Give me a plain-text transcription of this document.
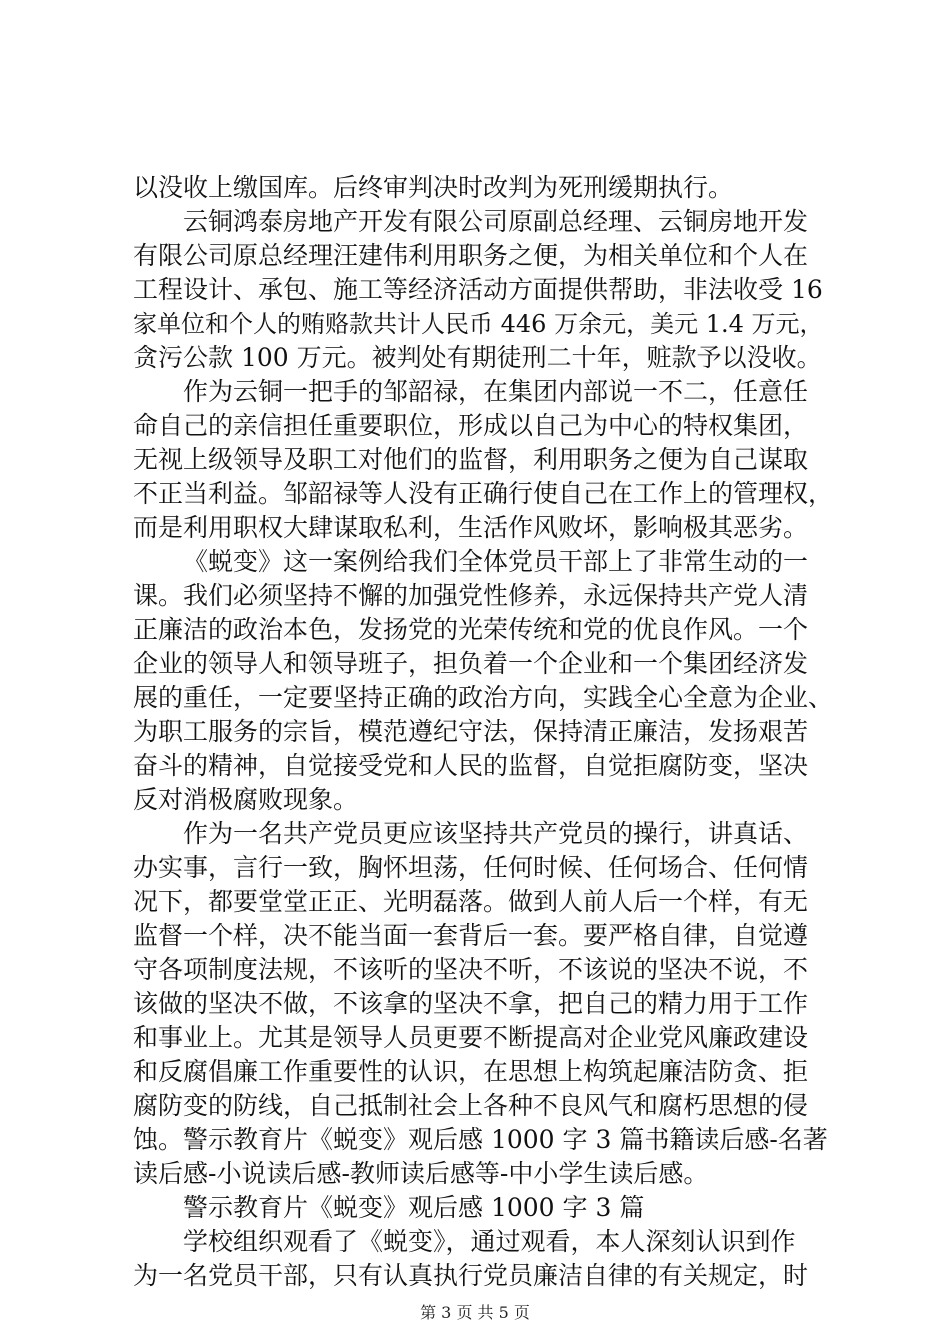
以没收上缴国库。后终审判决时改判为死刑缓期执行。
云铜鸿泰房地产开发有限公司原副总经理、云铜房地开发
有限公司原总经理汪建伟利用职务之便，为相关单位和个人在
工程设计、承包、施工等经济活动方面提供帮助，非法收受 16
家单位和个人的贿赂款共计人民币 446 万余元，美元 1.4 万元，
贪污公款 100 万元。被判处有期徒刑二十年，赃款予以没收。
作为云铜一把手的邹韶禄，在集团内部说一不二，任意任
命自己的亲信担任重要职位，形成以自己为中心的特权集团，
无视上级领导及职工对他们的监督，利用职务之便为自己谋取
不正当利益。邹韶禄等人没有正确行使自己在工作上的管理权，
而是利用职权大肆谋取私利，生活作风败坏，影响极其恶劣。
《蜕变》这一案例给我们全体党员干部上了非常生动的一
课。我们必须坚持不懈的加强党性修养，永远保持共产党人清
正廉洁的政治本色，发扬党的光荣传统和党的优良作风。一个
企业的领导人和领导班子，担负着一个企业和一个集团经济发
展的重任，一定要坚持正确的政治方向，实践全心全意为企业、
为职工服务的宗旨，模范遵纪守法，保持清正廉洁，发扬艰苦
奋斗的精神，自觉接受党和人民的监督，自觉拒腐防变，坚决
反对消极腐败现象。
作为一名共产党员更应该坚持共产党员的操行，讲真话、
办实事，言行一致，胸怀坦荡，任何时候、任何场合、任何情
况下，都要堂堂正正、光明磊落。做到人前人后一个样，有无
监督一个样，决不能当面一套背后一套。要严格自律，自觉遵
守各项制度法规，不该听的坚决不听，不该说的坚决不说，不
该做的坚决不做，不该拿的坚决不拿，把自己的精力用于工作
和事业上。尤其是领导人员更要不断提高对企业党风廉政建设
和反腐倡廉工作重要性的认识，在思想上构筑起廉洁防贪、拒
腐防变的防线，自己抵制社会上各种不良风气和腐朽思想的侵
蚀。警示教育片《蜕变》观后感 1000 字 3 篇书籍读后感-名著
读后感-小说读后感-教师读后感等-中小学生读后感。
警示教育片《蜕变》观后感 1000 字 3 篇
学校组织观看了《蜕变》，通过观看，本人深刻认识到作
为一名党员干部，只有认真执行党员廉洁自律的有关规定，时
第 3 页 共 5 页
